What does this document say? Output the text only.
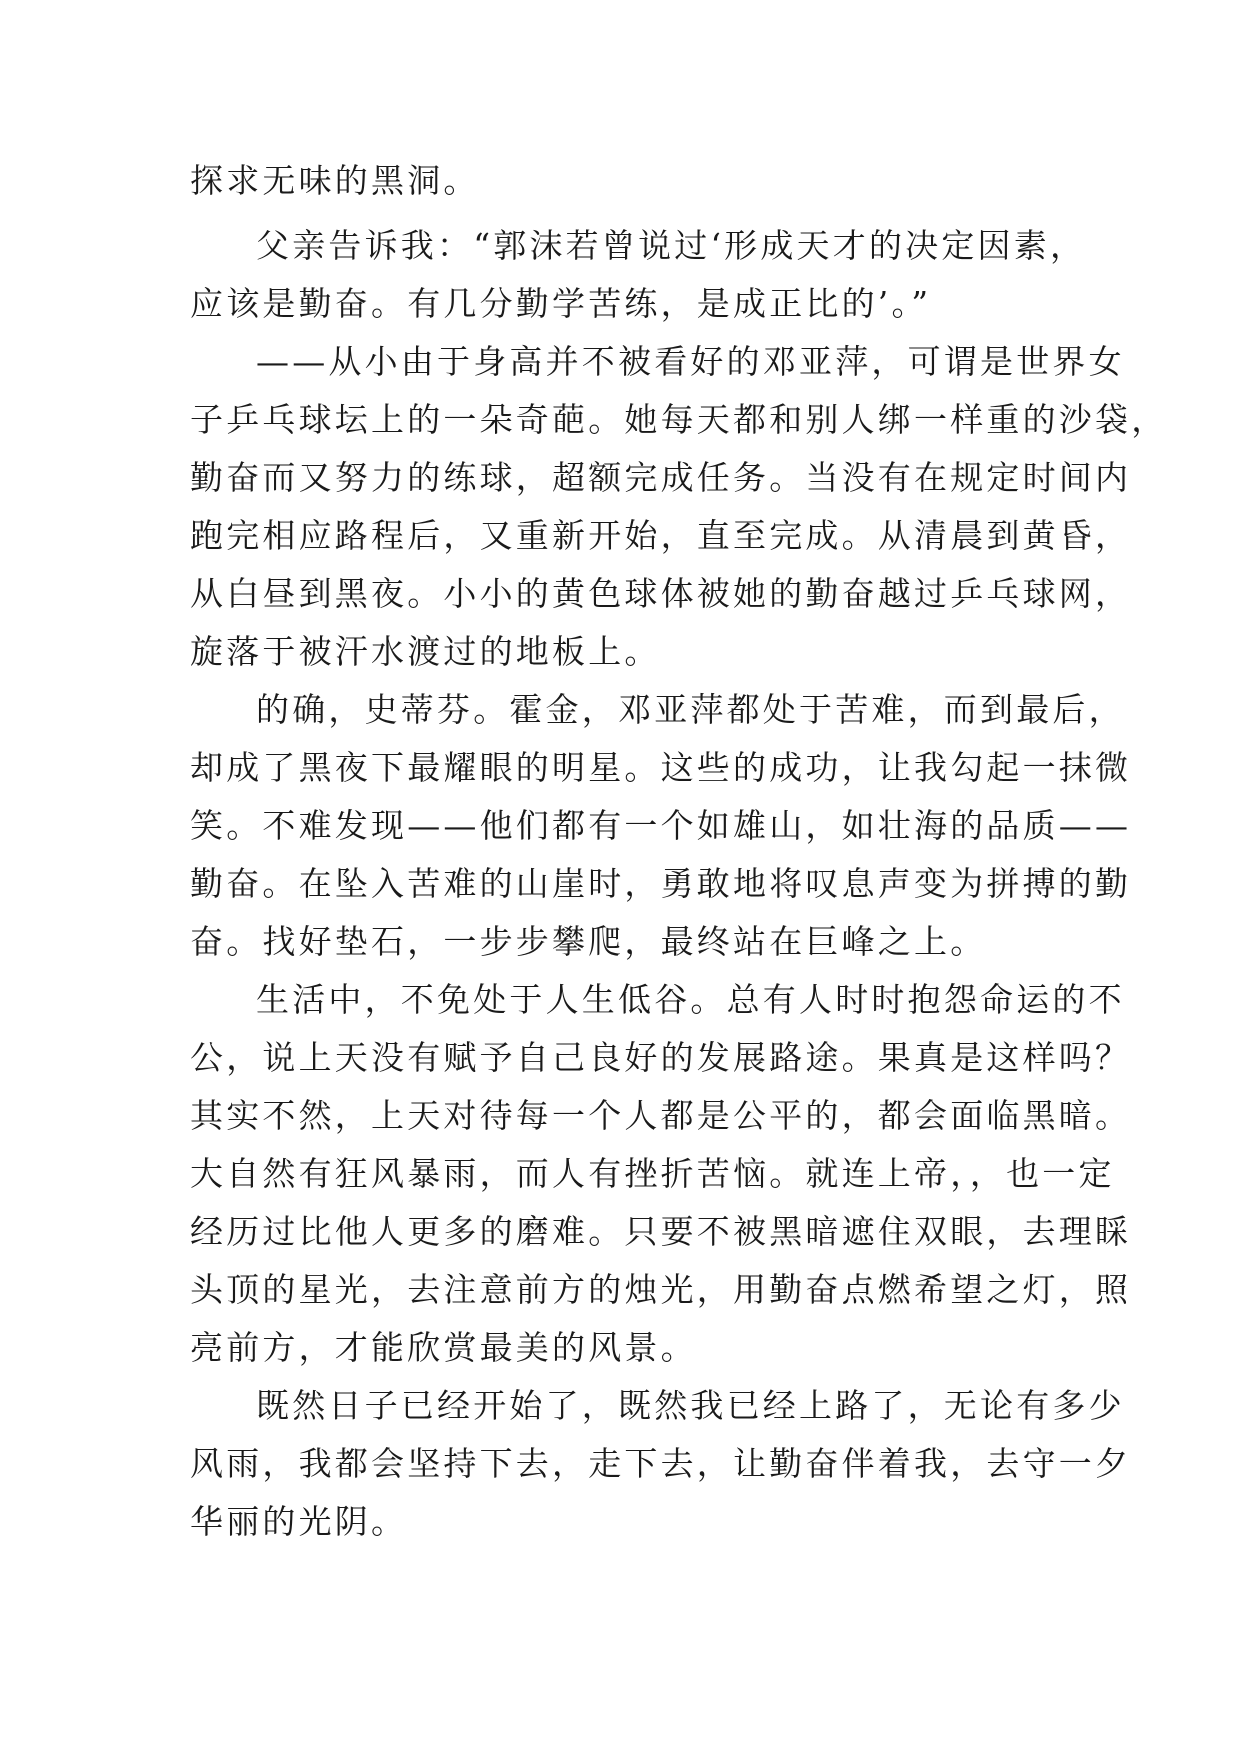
探求无味的黑洞。

父亲告诉我：“郭沫若曾说过‘形成天才的决定因素，

应该是勤奋。有几分勤学苦练，是成正比的’。”

——从小由于身高并不被看好的邓亚萍，可谓是世界女

子乒乓球坛上的一朵奇葩。她每天都和别人绑一样重的沙袋，

勤奋而又努力的练球，超额完成任务。当没有在规定时间内

跑完相应路程后，又重新开始，直至完成。从清晨到黄昏，

从白昼到黑夜。小小的黄色球体被她的勤奋越过乒乓球网，

旋落于被汗水渡过的地板上。

的确，史蒂芬。霍金，邓亚萍都处于苦难，而到最后，

却成了黑夜下最耀眼的明星。这些的成功，让我勾起一抹微

笑。不难发现——他们都有一个如雄山，如壮海的品质——

勤奋。在坠入苦难的山崖时，勇敢地将叹息声变为拼搏的勤

奋。找好垫石，一步步攀爬，最终站在巨峰之上。

生活中，不免处于人生低谷。总有人时时抱怨命运的不

公，说上天没有赋予自己良好的发展路途。果真是这样吗？

其实不然，上天对待每一个人都是公平的，都会面临黑暗。

大自然有狂风暴雨，而人有挫折苦恼。就连上帝，，也一定

经历过比他人更多的磨难。只要不被黑暗遮住双眼，去理睬

头顶的星光，去注意前方的烛光，用勤奋点燃希望之灯，照

亮前方，才能欣赏最美的风景。

既然日子已经开始了，既然我已经上路了，无论有多少

风雨，我都会坚持下去，走下去，让勤奋伴着我，去守一夕

华丽的光阴。
